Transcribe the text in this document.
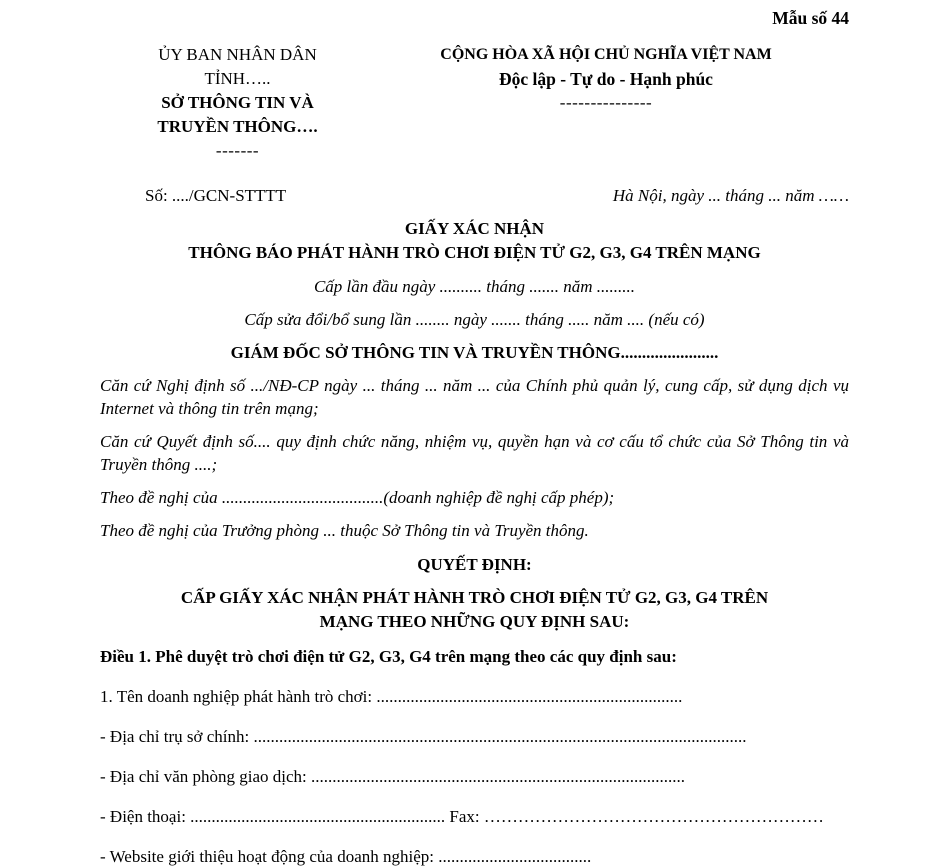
Mẫu số 44
ỦY BAN NHÂN DÂN
TỈNH…..
SỞ THÔNG TIN VÀ
TRUYỀN THÔNG….
-------
CỘNG HÒA XÃ HỘI CHỦ NGHĨA VIỆT NAM
Độc lập - Tự do - Hạnh phúc
---------------
Số: ..../GCN-STTTT	Hà Nội, ngày ... tháng ... năm ……
GIẤY XÁC NHẬN
THÔNG BÁO PHÁT HÀNH TRÒ CHƠI ĐIỆN TỬ G2, G3, G4 TRÊN MẠNG
Cấp lần đầu ngày .......... tháng ....... năm .........
Cấp sửa đổi/bổ sung lần ........ ngày ....... tháng ..... năm .... (nếu có)
GIÁM ĐỐC SỞ THÔNG TIN VÀ TRUYỀN THÔNG.......................

Căn cứ Nghị định số .../NĐ-CP ngày ... tháng ... năm ... của Chính phủ quản lý, cung cấp, sử dụng dịch vụ Internet và thông tin trên mạng;

Căn cứ Quyết định số.... quy định chức năng, nhiệm vụ, quyền hạn và cơ cấu tổ chức của Sở Thông tin và Truyền thông ....;

Theo đề nghị của ......................................(doanh nghiệp đề nghị cấp phép);

Theo đề nghị của Trưởng phòng ... thuộc Sở Thông tin và Truyền thông.

QUYẾT ĐỊNH:
CẤP GIẤY XÁC NHẬN PHÁT HÀNH TRÒ CHƠI ĐIỆN TỬ G2, G3, G4 TRÊN
MẠNG THEO NHỮNG QUY ĐỊNH SAU:

Điều 1. Phê duyệt trò chơi điện tử G2, G3, G4 trên mạng theo các quy định sau:

1. Tên doanh nghiệp phát hành trò chơi: ........................................................................

- Địa chỉ trụ sở chính: ....................................................................................................................

- Địa chỉ văn phòng giao dịch: ........................................................................................

- Điện thoại: ............................................................ Fax: ……………………………………………………

- Website giới thiệu hoạt động của doanh nghiệp: ....................................
